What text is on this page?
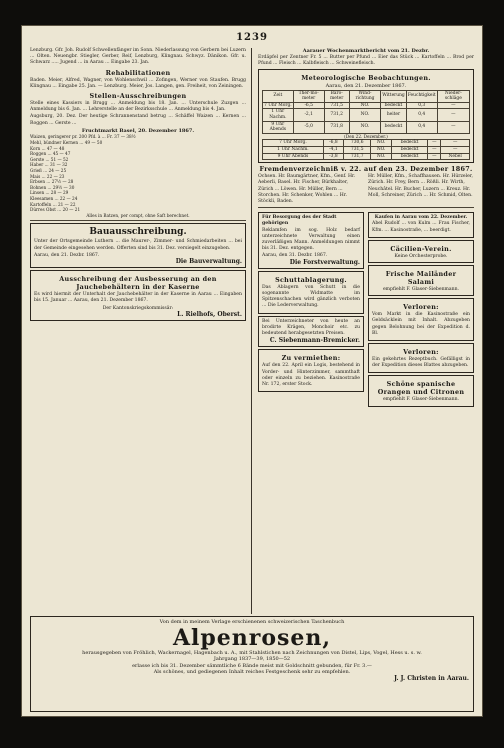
1239

Lenzburg. Gfr. Joh. Rudolf Schwellenfänger im Sonn. Niederlassung von Gerbern bei Luzern ... Olten. Neuengbr. Stiegler, Gerber, Reif, Lenzburg, Klingnau. Schwyz. Dänikon. Gfr. u. Schwarz ..... Jugend ... in Aarau ... Eingabe 23. Jan.

Rehabilitationen

Baden. Meier, Alfred, Wagner, von Wohlenschwil ... Zofingen, Werner von Staufen. Brugg Klingnau ... Eingabe 25. Jan. — Lenzburg. Meier, Jos. Langen, gen. Freiheit, von Zeiningen.

Stellen-Ausschreibungen

Stelle eines Kassiers in Brugg ... Anmeldung bis 18. Jan. ... Unterschule Zuzgen ... Anmeldung bis 6. Jan. ... Lehrerstelle an der Bezirksschule ... Anmeldung bis 4. Jan.

Augsburg, 20. Dez. Der heutige Schrannenstand betrug ... Schäffel Waizen ... Kernen ... Roggen ... Gerste ...

Fruchtmarkt Basel, 20. Dezember 1867.
Waizen, geringerer pr. 200 Pfd. à ... Fr. 37 — 38½
Mehl, bündner Kernen ... 49 — 50
Korn ... 47 — 48
Roggen ... 45 — 47
Gerste ... 51 — 52
Haber ... 31 — 32
Grieß ... 24 — 25
Mais ... 22 — 23
Erbsen ... 27½ — 28
Bohnen ... 29½ — 30
Linsen ... 28 — 29
Kleesamen ... 22 — 24
Kartoffeln ... 21 — 22
Dürres Obst ... 20 — 21
Alles in Batzen, per compt, ohne Saft berechnet.
Bauausschreibung.

Unter der Ortsgemeinde Luthern ... die Maurer-, Zimmer- und Schmiedarbeiten ... bei der Gemeinde eingesehen werden. Offerten sind bis 31. Dez. versiegelt einzugeben.

Aarau, den 21. Dezbr. 1867.
Die Bauverwaltung.
Ausschreibung der Ausbesserung an den Jauchebehältern in der Kaserne

Es wird hiermit der Unterhalt der Jauchebehälter in der Kaserne in Aarau ... Eingaben bis 15. Januar ... Aarau, den 21. Dezember 1867.

Der Kantonskriegskommissär:
L. Rielhofs, Oberst.
Aarauer Wochenmarktbericht vom 21. Dezbr.

Erdäpfel per Zentner Fr. 5 ... Butter per Pfund ... Eier das Stück ... Kartoffeln ... Brod per Pfund ... Fleisch ... Kalbfleisch ... Schweinefleisch.

Meteorologische Beobachtungen.
Aarau, den 21. Dezember 1867.
Zeit	Ther-mo-meter	Baro-meter	Wind-richtung	Witterung	Feuchtigkeit	Nieder-schläge
7 Uhr Morg.	-6,5	731,5	NO.	bedeckt	0,3	—
1 Uhr Nachm.	-2,1	731,2	NO.	heiter	0,4	—
9 Uhr Abends	-5,0	731,8	NO.	bedeckt	0,4	—
(Den 22. Dezember.)
7 Uhr Morg.	-6,8	730,6	NO.	bedeckt	—	—
1 Uhr Nachm.	-4,1	731,5	NO.	bedeckt	—	—
9 Uhr Abends	-3,8	731,7	NO.	bedeckt	—	Nebel
Fremdenverzeichniß v. 22. auf den 23. Dezember 1867.
Ochsen. Hr. Baumgärtner, Kfm., Genf. Hr. Aeberli, Basel. Hr. Fischer, Bürkhalter, Zürich ... Löwen. Hr. Müller, Bern ... Storchen. Hr. Schenker, Wohlen ... Hr. Stöckli, Baden.
Hr. Müller, Kfm., Schaffhausen. Hr. Hürzeler, Zürich. Hr. Frey, Bern ... Rößli. Hr. Wirth, Neuchâtel. Hr. Bucher, Luzern ... Kreuz. Hr. Moll, Schreiner, Zürich ... Hr. Schmid, Olten.
Für Besorgung des der Stadt gehörigen

Reklamfen im sog. Holz bedarf unterzeichnete Verwaltung einen zuverläßigen Mann. Anmeldungen nimmt bis 31. Dez. entgegen.

Aarau, den 31. Dezbr. 1867.
Die Forstverwaltung.
Schuttablagerung.

Das Ablagern von Schutt in die sogenannte Widmatte im Spitzenschachen wird gänzlich verboten ... Die Lederverwaltung.

Bei Unterzeichneter von heute an brodirte Krägen, Monchoir etc. zu bedeutend herabgesetzten Preisen.

C. Siebenmann-Bremicker.
Zu vermiethen:

Auf den 22. April ein Logis, bestehend in Vorder- und Hinterzimmer, sammthaft oder einzeln zu beziehen. Kasinostraße Nr. 172, erster Stock.

Kaufen in Aarau vom 22. Dezember.

Abel Rudolf ... von Kulm ... Frau Fischer, Kfm. ... Kasinostraße, ... beerdigt.

Cäcilien-Verein.
Keine Orchesterprobe.
Frische Mailänder Salami
empfiehlt F. Glaser-Siebenmann.
Verloren:

Vom Markt in die Kasinostraße ein Geldsäcklein mit Inhalt. Abzugeben gegen Belohnung bei der Expedition d. Bl.

Verloren:

Ein gekehrtes Rezeptbuch. Gefälligst in der Expedition dieses Blattes abzugeben.

Schöne spanische Orangen und Citronen
empfiehlt F. Glaser-Siebenmann.
Von dem in meinem Verlage erschienenen schweizerischen Taschenbuch
Alpenrosen,
herausgegeben von Fröhlich, Wackernagel, Hagenbach u. A., mit Stahlstichen nach Zeichnungen von Distel, Lips, Vogel, Hess u. s. w.
Jahrgang 1837—39, 1850—52
erlasse ich bis 31. Dezember sämmtliche 6 Bände meist mit Goldschnitt gebunden, für Fr. 3.—
Als schönes, und gediegenen Inhalt reiches Festgeschenk sehr zu empfehlen.
J. J. Christen in Aarau.
